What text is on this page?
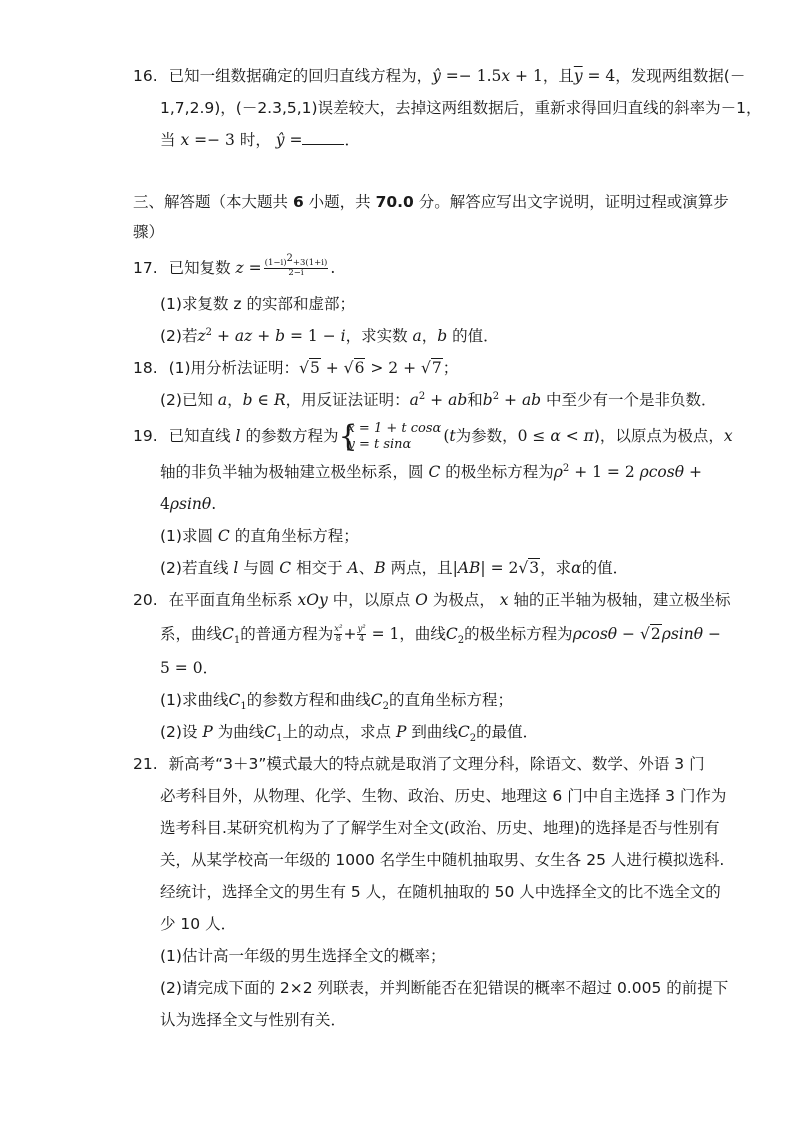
16. 已知一组数据确定的回归直线方程为，ŷ =− 1.5x + 1，且$\overline{y} = 4$，发现两组数据(－
1,7,2.9)，(－2.3,5,1)误差较大，去掉这两组数据后，重新求得回归直线的斜率为－1，
当 x =− 3 时， ŷ =	．
三、解答题（本大题共 6 小题，共 70.0 分。解答应写出文字说明，证明过程或演算步
骤）
17. 已知复数 $z = \frac{(1-i)^2+3(1+i)}{2-i}$ .
(1)求复数 z 的实部和虚部；
(2)若$z^2$ + az + b = 1 − i，求实数 a，b 的值．
18. (1)用分析法证明：√5 + √6 > 2 + √7；
(2)已知 a，b ∈ R，用反证法证明：$a^2$ + ab和$b^2$ + ab 中至少有一个是非负数．
19. 已知直线 l 的参数方程为 {
x = 1 + t cosα
y = t sinα	(t为参数，0 ≤ α < π)，以原点为极点，x
轴的非负半轴为极轴建立极坐标系，圆 C 的极坐标方程为$\rho^2 + 1 = 2$ ρcosθ +
4ρsinθ.
(1)求圆 C 的直角坐标方程；
(2)若直线 l 与圆 C 相交于 A、B 两点，且|AB| = 2√3，求α的值．
20. 在平面直角坐标系 xOy 中，以原点 O 为极点， x 轴的正半轴为极轴，建立极坐标
系，曲线$C_1$的普通方程为 $\frac{\text{x²}}{8} + \frac{\text{y²}}{4} = 1$，曲线$C_2$的极坐标方程为ρcosθ − √2ρsinθ −
5 = 0．
(1)求曲线$C_1$的参数方程和曲线$C_2$的直角坐标方程；
(2)设 P 为曲线$C_1$上的动点，求点 P 到曲线$C_2$的最值．
21. 新高考“3＋3”模式最大的特点就是取消了文理分科，除语文、数学、外语 3 门
必考科目外，从物理、化学、生物、政治、历史、地理这 6 门中自主选择 3 门作为
选考科目.某研究机构为了了解学生对全文(政治、历史、地理)的选择是否与性别有
关，从某学校高一年级的 1000 名学生中随机抽取男、女生各 25 人进行模拟选科.
经统计，选择全文的男生有 5 人，在随机抽取的 50 人中选择全文的比不选全文的
少 10 人．
(1)估计高一年级的男生选择全文的概率；
(2)请完成下面的 2×2 列联表，并判断能否在犯错误的概率不超过 0.005 的前提下
认为选择全文与性别有关．
